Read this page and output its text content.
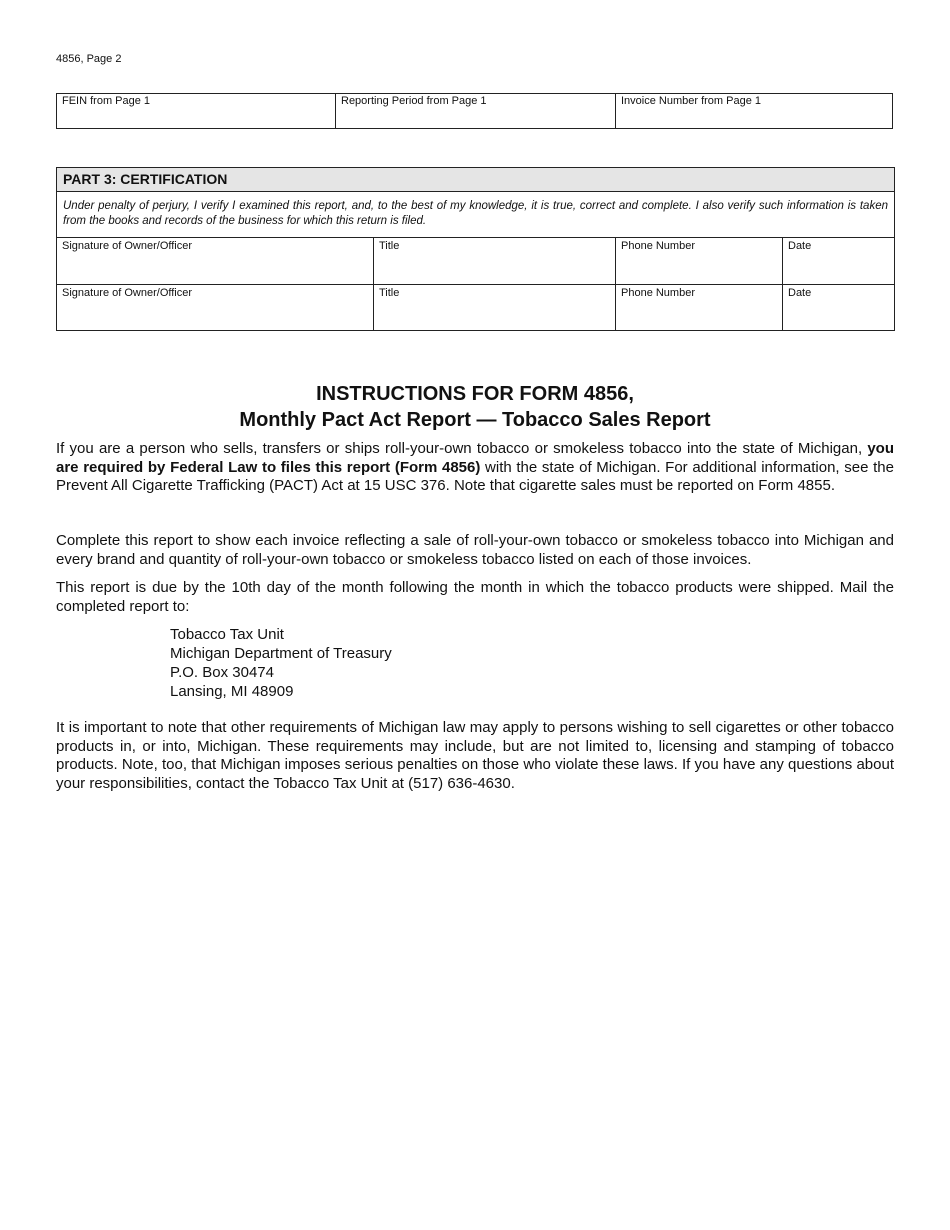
4856, Page 2
FEIN from Page 1	Reporting Period from Page 1	Invoice Number from Page 1
PART 3: CERTIFICATION
Under penalty of perjury, I verify I examined this report, and, to the best of my knowledge, it is true, correct and complete. I also verify such information is taken from the books and records of the business for which this return is filed.
Signature of Owner/Officer	Title	Phone Number	Date
Signature of Owner/Officer	Title	Phone Number	Date
INSTRUCTIONS FOR FORM 4856,
Monthly Pact Act Report — Tobacco Sales Report
If you are a person who sells, transfers or ships roll-your-own tobacco or smokeless tobacco into the state of Michigan, you are required by Federal Law to files this report (Form 4856) with the state of Michigan. For additional information, see the Prevent All Cigarette Trafficking (PACT) Act at 15 USC 376. Note that cigarette sales must be reported on Form 4855.
Complete this report to show each invoice reflecting a sale of roll-your-own tobacco or smokeless tobacco into Michigan and every brand and quantity of roll-your-own tobacco or smokeless tobacco listed on each of those invoices.
This report is due by the 10th day of the month following the month in which the tobacco products were shipped. Mail the completed report to:
Tobacco Tax Unit
Michigan Department of Treasury
P.O. Box 30474
Lansing, MI 48909
It is important to note that other requirements of Michigan law may apply to persons wishing to sell cigarettes or other tobacco products in, or into, Michigan. These requirements may include, but are not limited to, licensing and stamping of tobacco products. Note, too, that Michigan imposes serious penalties on those who violate these laws. If you have any questions about your responsibilities, contact the Tobacco Tax Unit at (517) 636-4630.
